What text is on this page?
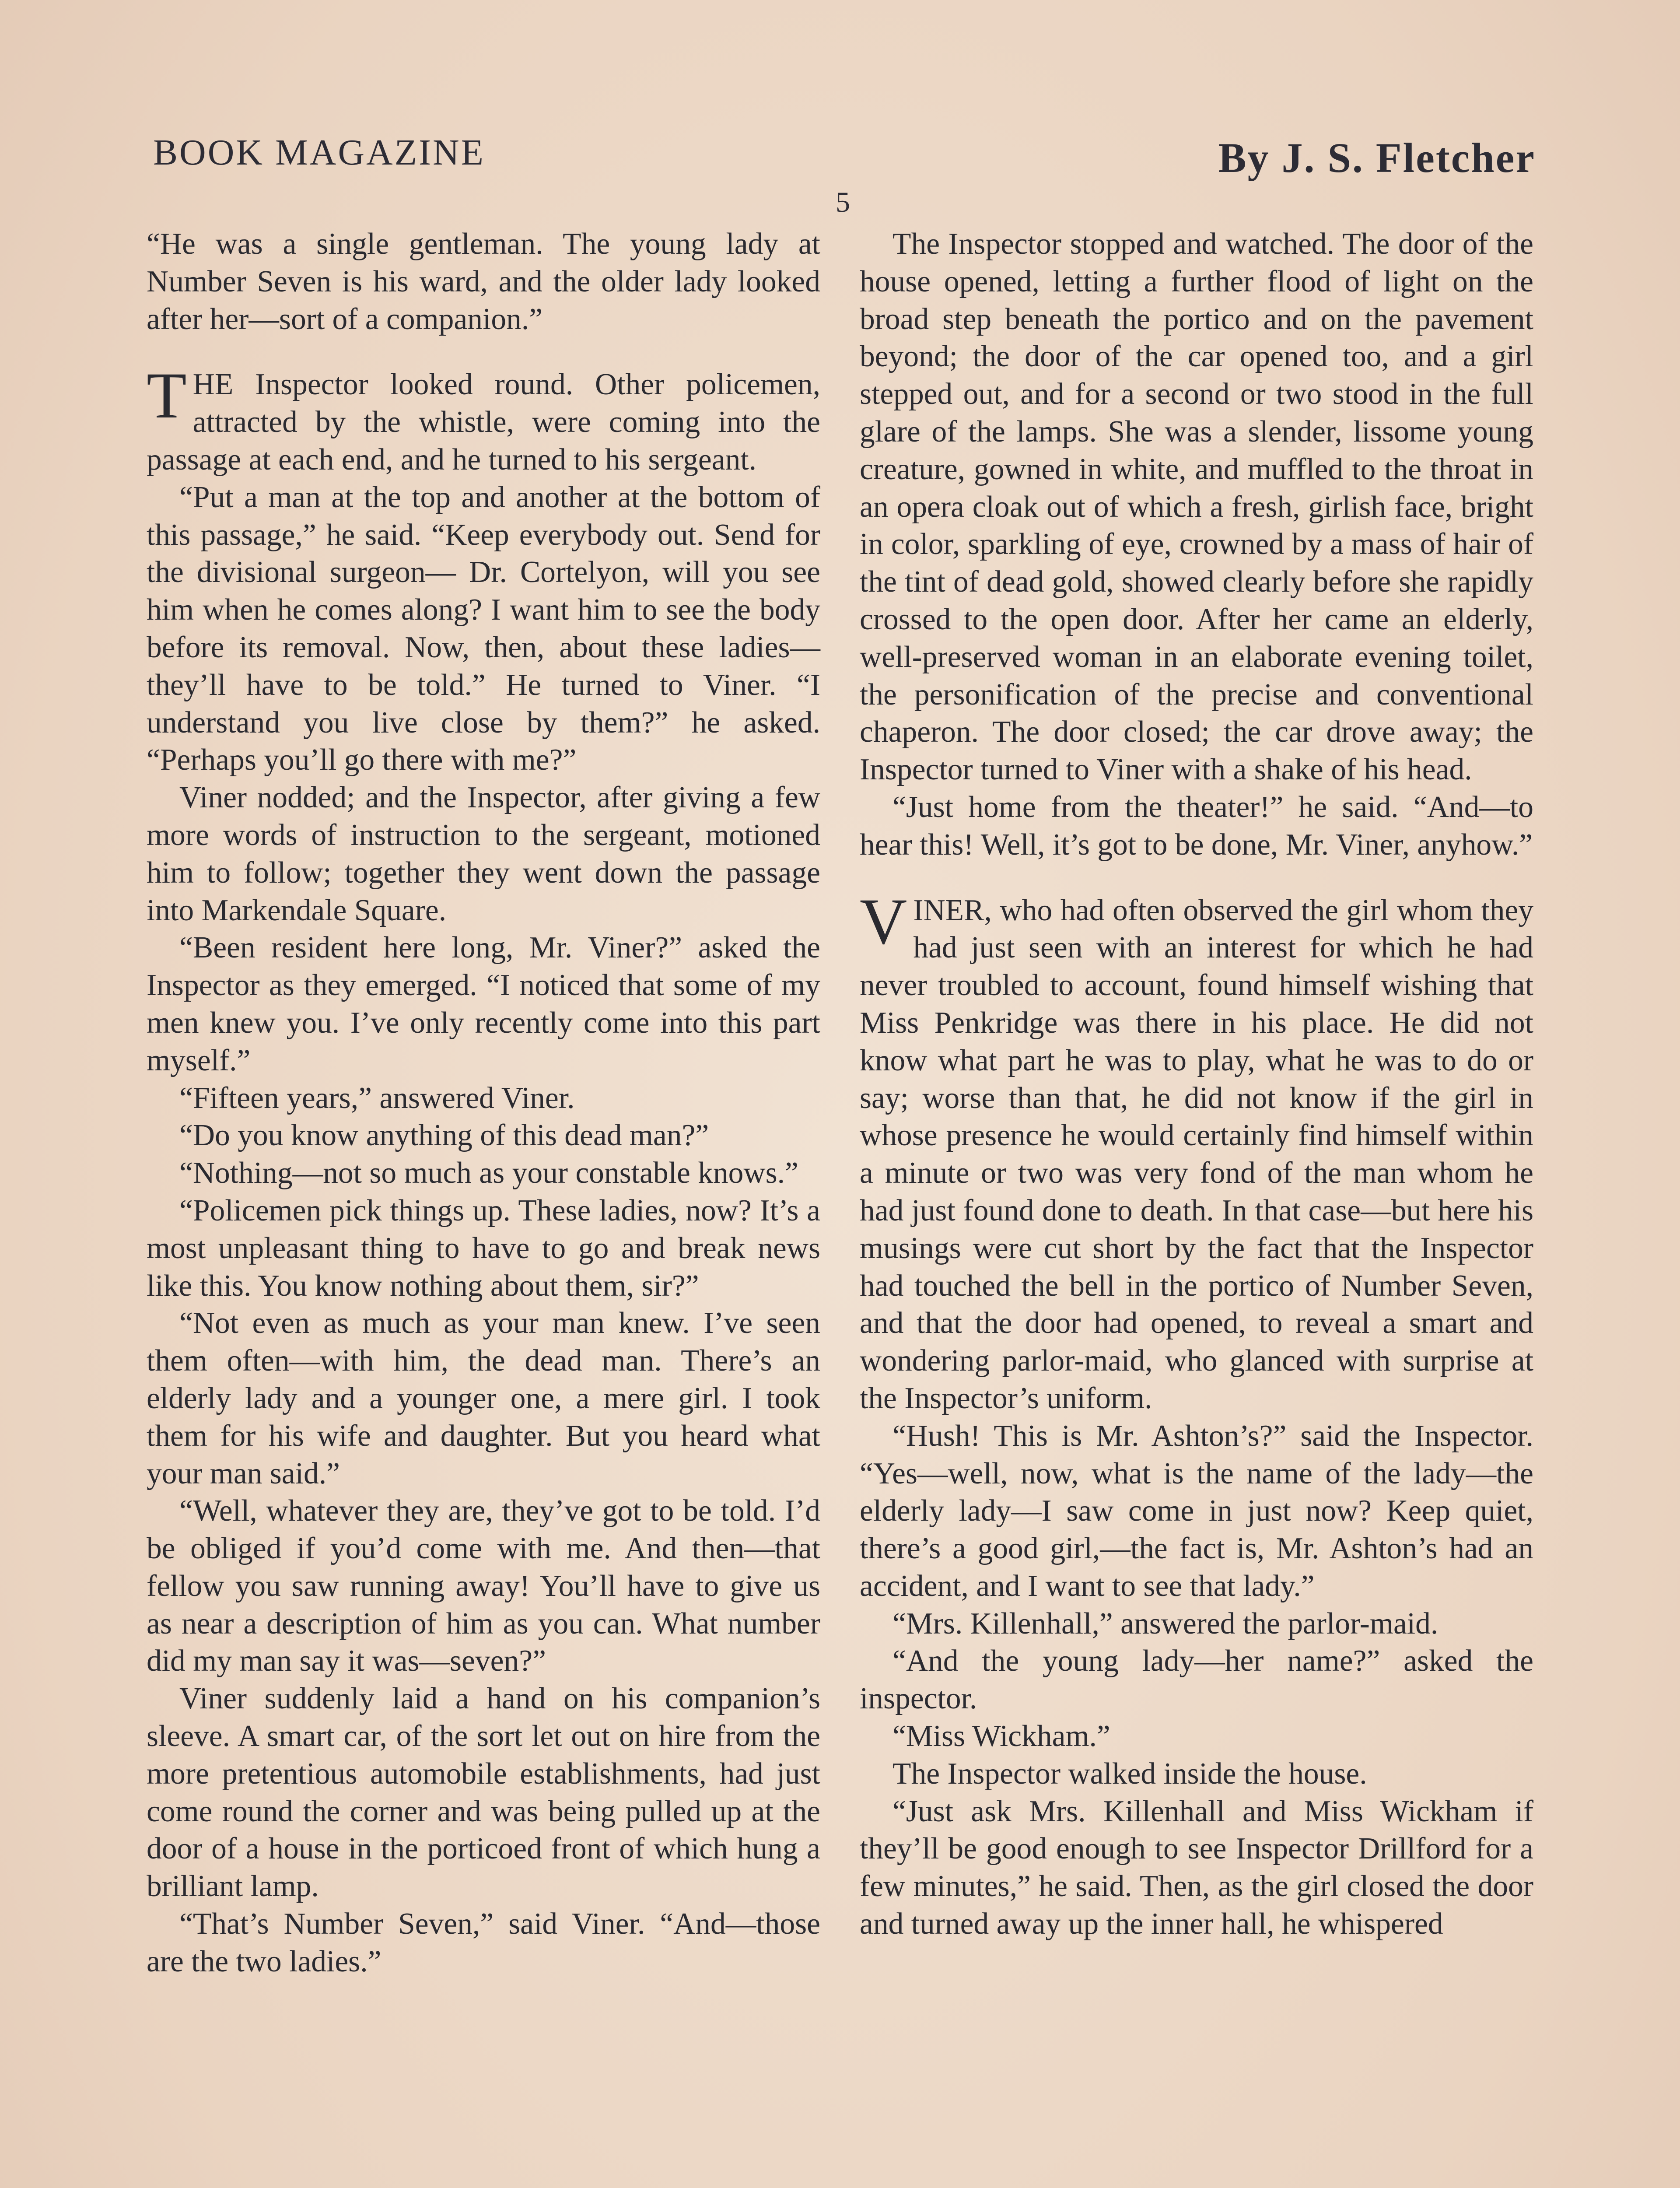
BOOK MAGAZINE	By J. S. Fletcher
5

“He was a single gentleman. The young lady at Number Seven is his ward, and the older lady looked after her—sort of a companion.”

THE Inspector looked round. Other policemen, attracted by the whistle, were coming into the passage at each end, and he turned to his sergeant.

“Put a man at the top and another at the bottom of this passage,” he said. “Keep everybody out. Send for the divisional surgeon— Dr. Cortelyon, will you see him when he comes along? I want him to see the body before its removal. Now, then, about these ladies—they’ll have to be told.” He turned to Viner. “I understand you live close by them?” he asked. “Perhaps you’ll go there with me?”

Viner nodded; and the Inspector, after giving a few more words of instruction to the sergeant, motioned him to follow; together they went down the passage into Markendale Square.

“Been resident here long, Mr. Viner?” asked the Inspector as they emerged. “I noticed that some of my men knew you. I’ve only recently come into this part myself.”

“Fifteen years,” answered Viner.

“Do you know anything of this dead man?”

“Nothing—not so much as your constable knows.”

“Policemen pick things up. These ladies, now? It’s a most unpleasant thing to have to go and break news like this. You know nothing about them, sir?”

“Not even as much as your man knew. I’ve seen them often—with him, the dead man. There’s an elderly lady and a younger one, a mere girl. I took them for his wife and daughter. But you heard what your man said.”

“Well, whatever they are, they’ve got to be told. I’d be obliged if you’d come with me. And then—that fellow you saw running away! You’ll have to give us as near a description of him as you can. What number did my man say it was—seven?”

Viner suddenly laid a hand on his companion’s sleeve. A smart car, of the sort let out on hire from the more pretentious automobile establishments, had just come round the corner and was being pulled up at the door of a house in the porticoed front of which hung a brilliant lamp.

“That’s Number Seven,” said Viner. “And—those are the two ladies.”

The Inspector stopped and watched. The door of the house opened, letting a further flood of light on the broad step beneath the portico and on the pavement beyond; the door of the car opened too, and a girl stepped out, and for a second or two stood in the full glare of the lamps. She was a slender, lissome young creature, gowned in white, and muffled to the throat in an opera cloak out of which a fresh, girlish face, bright in color, sparkling of eye, crowned by a mass of hair of the tint of dead gold, showed clearly before she rapidly crossed to the open door. After her came an elderly, well-preserved woman in an elaborate evening toilet, the personification of the precise and conventional chaperon. The door closed; the car drove away; the Inspector turned to Viner with a shake of his head.

“Just home from the theater!” he said. “And—to hear this! Well, it’s got to be done, Mr. Viner, anyhow.”

VINER, who had often observed the girl whom they had just seen with an interest for which he had never troubled to account, found himself wishing that Miss Penkridge was there in his place. He did not know what part he was to play, what he was to do or say; worse than that, he did not know if the girl in whose presence he would certainly find himself within a minute or two was very fond of the man whom he had just found done to death. In that case—but here his musings were cut short by the fact that the Inspector had touched the bell in the portico of Number Seven, and that the door had opened, to reveal a smart and wondering parlor-maid, who glanced with surprise at the Inspector’s uniform.

“Hush! This is Mr. Ashton’s?” said the Inspector. “Yes—well, now, what is the name of the lady—the elderly lady—I saw come in just now? Keep quiet, there’s a good girl,—the fact is, Mr. Ashton’s had an accident, and I want to see that lady.”

“Mrs. Killenhall,” answered the parlor-maid.

“And the young lady—her name?” asked the inspector.

“Miss Wickham.”

The Inspector walked inside the house.

“Just ask Mrs. Killenhall and Miss Wickham if they’ll be good enough to see Inspector Drillford for a few minutes,” he said. Then, as the girl closed the door and turned away up the inner hall, he whispered
